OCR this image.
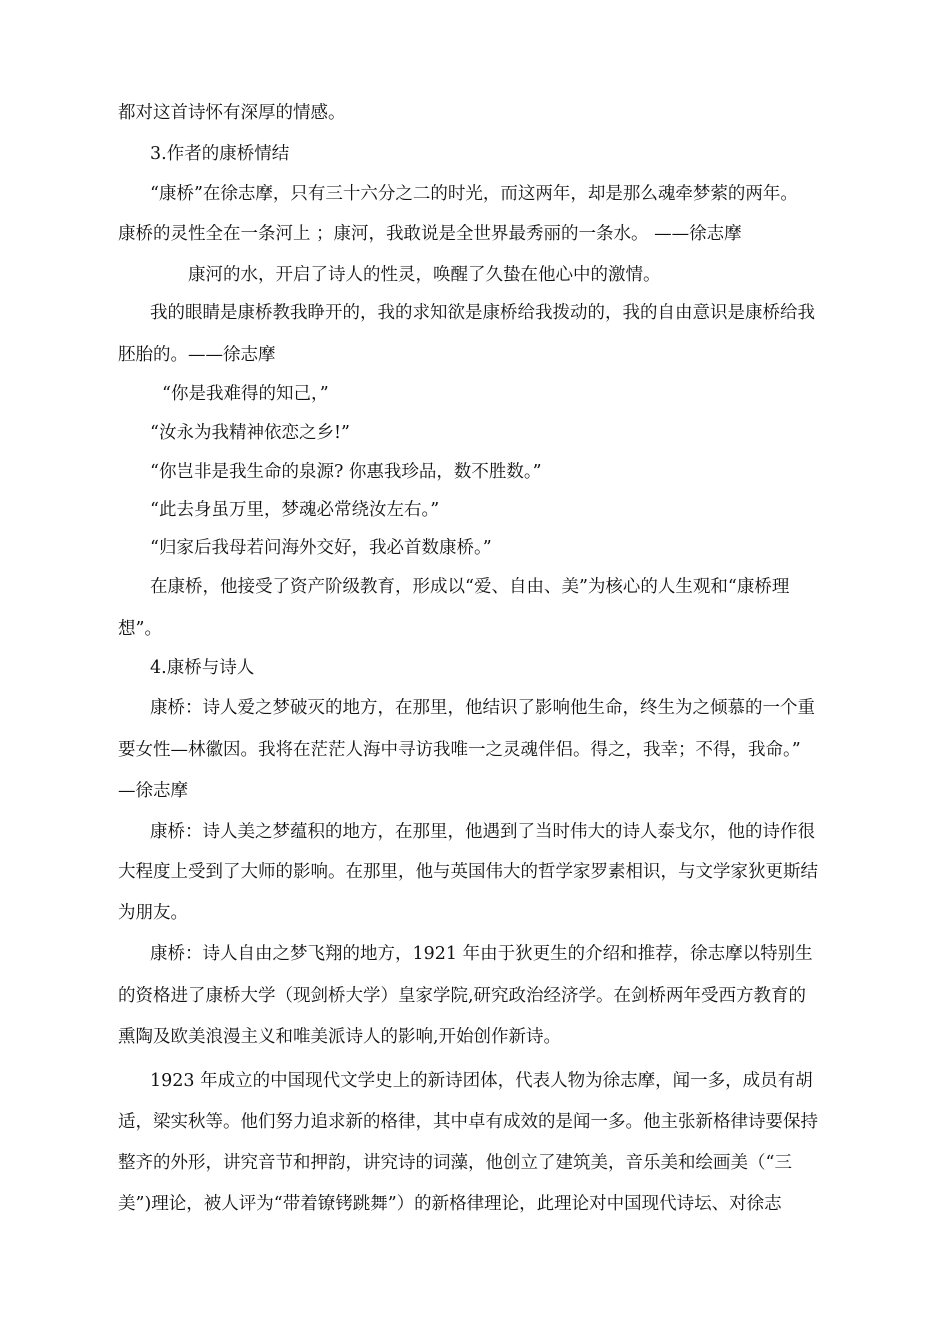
都对这首诗怀有深厚的情感。
3.作者的康桥情结
“康桥”在徐志摩，只有三十六分之二的时光，而这两年，却是那么魂牵梦萦的两年。
康桥的灵性全在一条河上 ；康河，我敢说是全世界最秀丽的一条水。 ——徐志摩
康河的水，开启了诗人的性灵，唤醒了久蛰在他心中的激情。
我的眼睛是康桥教我睁开的，我的求知欲是康桥给我拨动的，我的自由意识是康桥给我
胚胎的。——徐志摩
“你是我难得的知己，”
“汝永为我精神依恋之乡!”
“你岂非是我生命的泉源? 你惠我珍品，数不胜数。”
“此去身虽万里，梦魂必常绕汝左右。”
“归家后我母若问海外交好，我必首数康桥。”
在康桥，他接受了资产阶级教育，形成以“爱、自由、美”为核心的人生观和“康桥理
想”。
4.康桥与诗人
康桥：诗人爱之梦破灭的地方，在那里，他结识了影响他生命，终生为之倾慕的一个重
要女性—林徽因。我将在茫茫人海中寻访我唯一之灵魂伴侣。得之，我幸；不得，我命。”
—徐志摩
康桥：诗人美之梦蕴积的地方，在那里，他遇到了当时伟大的诗人泰戈尔，他的诗作很
大程度上受到了大师的影响。在那里，他与英国伟大的哲学家罗素相识，与文学家狄更斯结
为朋友。
康桥：诗人自由之梦飞翔的地方，1921 年由于狄更生的介绍和推荐，徐志摩以特别生
的资格进了康桥大学（现剑桥大学）皇家学院,研究政治经济学。在剑桥两年受西方教育的
熏陶及欧美浪漫主义和唯美派诗人的影响,开始创作新诗。
1923 年成立的中国现代文学史上的新诗团体，代表人物为徐志摩，闻一多，成员有胡
适，梁实秋等。他们努力追求新的格律，其中卓有成效的是闻一多。他主张新格律诗要保持
整齐的外形，讲究音节和押韵，讲究诗的词藻，他创立了建筑美，音乐美和绘画美（“三
美”)理论，被人评为“带着镣铐跳舞”）的新格律理论，此理论对中国现代诗坛、对徐志
